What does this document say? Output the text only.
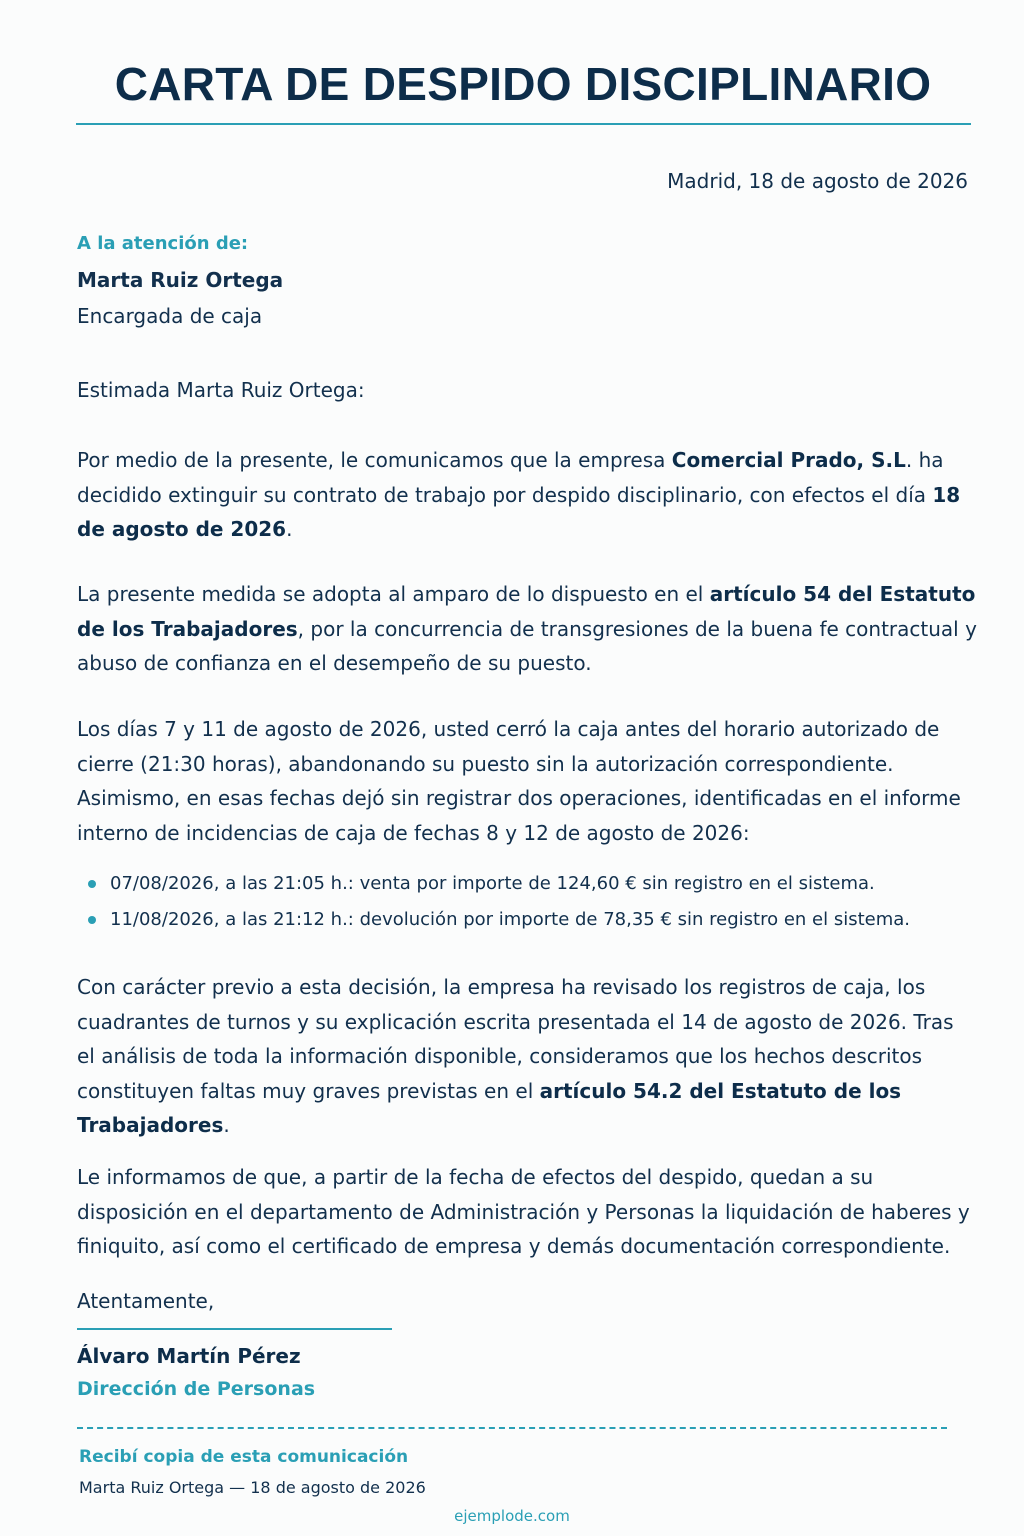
CARTA DE DESPIDO DISCIPLINARIO
Madrid, 18 de agosto de 2026
A la atención de:
Marta Ruiz Ortega
Encargada de caja
Estimada Marta Ruiz Ortega:

Por medio de la presente, le comunicamos que la empresa Comercial Prado, S.L. ha decidido extinguir su contrato de trabajo por despido disciplinario, con efectos el día 18 de agosto de 2026.

La presente medida se adopta al amparo de lo dispuesto en el artículo 54 del Estatuto de los Trabajadores, por la concurrencia de transgresiones de la buena fe contractual y abuso de confianza en el desempeño de su puesto.

Los días 7 y 11 de agosto de 2026, usted cerró la caja antes del horario autorizado de cierre (21:30 horas), abandonando su puesto sin la autorización correspondiente. Asimismo, en esas fechas dejó sin registrar dos operaciones, identificadas en el informe interno de incidencias de caja de fechas 8 y 12 de agosto de 2026:

07/08/2026, a las 21:05 h.: venta por importe de 124,60 € sin registro en el sistema.
11/08/2026, a las 21:12 h.: devolución por importe de 78,35 € sin registro en el sistema.

Con carácter previo a esta decisión, la empresa ha revisado los registros de caja, los cuadrantes de turnos y su explicación escrita presentada el 14 de agosto de 2026. Tras el análisis de toda la información disponible, consideramos que los hechos descritos constituyen faltas muy graves previstas en el artículo 54.2 del Estatuto de los Trabajadores.

Le informamos de que, a partir de la fecha de efectos del despido, quedan a su disposición en el departamento de Administración y Personas la liquidación de haberes y finiquito, así como el certificado de empresa y demás documentación correspondiente.

Atentamente,
Álvaro Martín Pérez
Dirección de Personas
Recibí copia de esta comunicación
Marta Ruiz Ortega — 18 de agosto de 2026
ejemplode.com
